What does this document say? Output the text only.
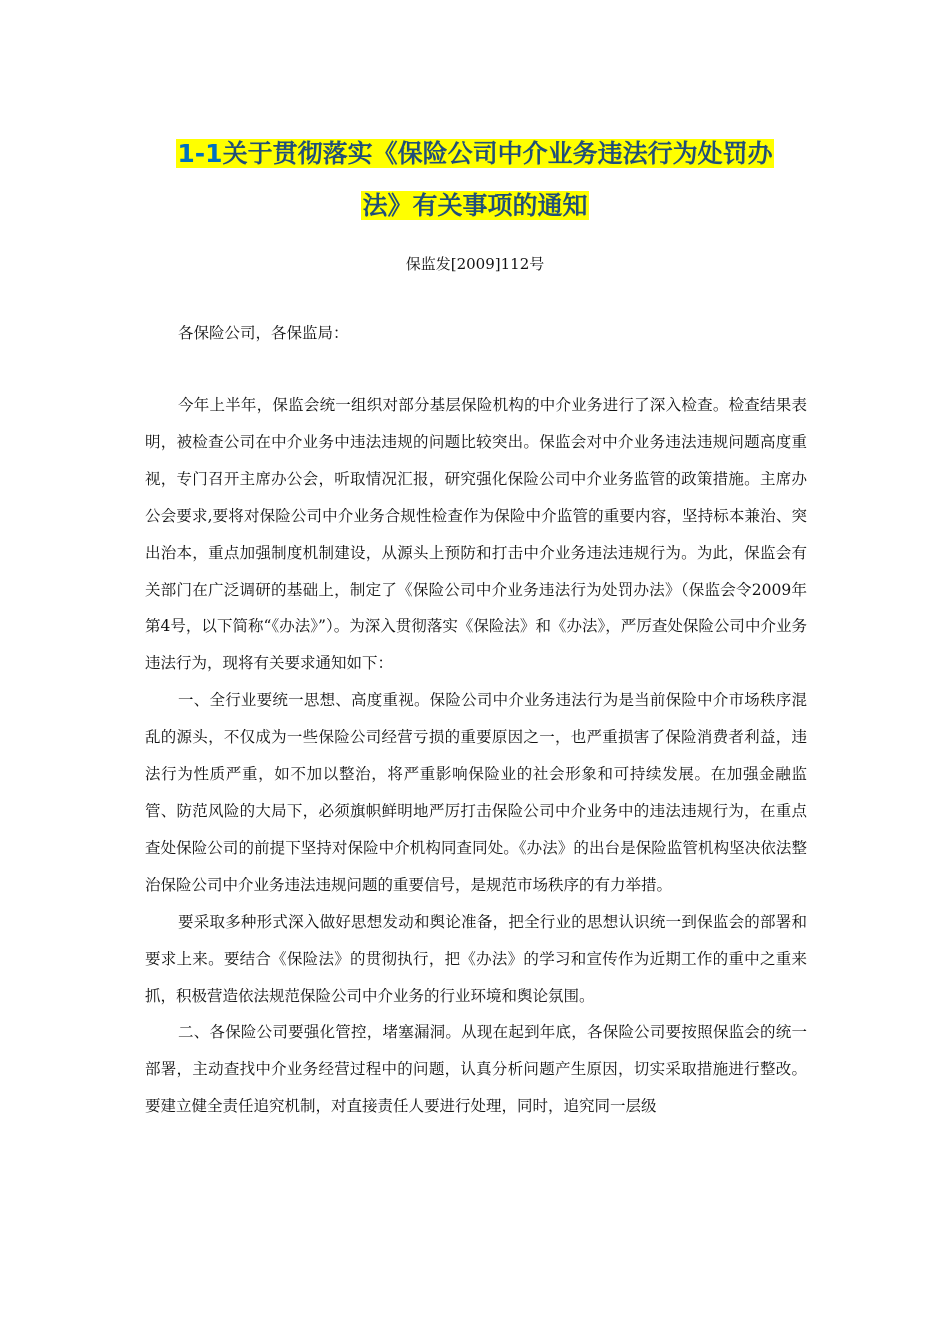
1-1关于贯彻落实《保险公司中介业务违法行为处罚办
法》有关事项的通知
保监发[2009]112号
各保险公司，各保监局：

今年上半年，保监会统一组织对部分基层保险机构的中介业务进行了深入检查。检查结果表明，被检查公司在中介业务中违法违规的问题比较突出。保监会对中介业务违法违规问题高度重视，专门召开主席办公会，听取情况汇报，研究强化保险公司中介业务监管的政策措施。主席办公会要求,要将对保险公司中介业务合规性检查作为保险中介监管的重要内容，坚持标本兼治、突出治本，重点加强制度机制建设，从源头上预防和打击中介业务违法违规行为。为此，保监会有关部门在广泛调研的基础上，制定了《保险公司中介业务违法行为处罚办法》（保监会令2009年第4号，以下简称“《办法》”）。为深入贯彻落实《保险法》和《办法》，严厉查处保险公司中介业务违法行为，现将有关要求通知如下：

一、全行业要统一思想、高度重视。保险公司中介业务违法行为是当前保险中介市场秩序混乱的源头，不仅成为一些保险公司经营亏损的重要原因之一，也严重损害了保险消费者利益，违法行为性质严重，如不加以整治，将严重影响保险业的社会形象和可持续发展。在加强金融监管、防范风险的大局下，必须旗帜鲜明地严厉打击保险公司中介业务中的违法违规行为，在重点查处保险公司的前提下坚持对保险中介机构同查同处。《办法》的出台是保险监管机构坚决依法整治保险公司中介业务违法违规问题的重要信号，是规范市场秩序的有力举措。

要采取多种形式深入做好思想发动和舆论准备，把全行业的思想认识统一到保监会的部署和要求上来。要结合《保险法》的贯彻执行，把《办法》的学习和宣传作为近期工作的重中之重来抓，积极营造依法规范保险公司中介业务的行业环境和舆论氛围。

二、各保险公司要强化管控，堵塞漏洞。从现在起到年底，各保险公司要按照保监会的统一部署，主动查找中介业务经营过程中的问题，认真分析问题产生原因，切实采取措施进行整改。要建立健全责任追究机制，对直接责任人要进行处理，同时，追究同一层级
